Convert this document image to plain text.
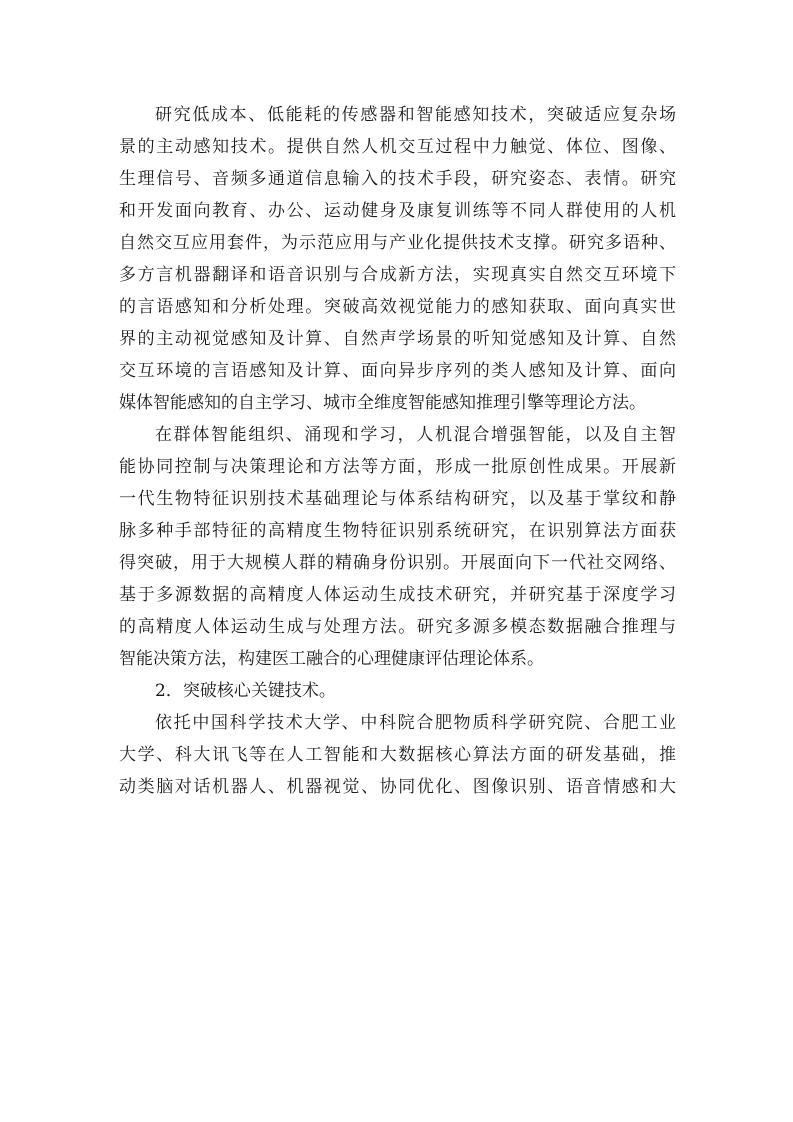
研究低成本、低能耗的传感器和智能感知技术，突破适应复杂场
景的主动感知技术。提供自然人机交互过程中力触觉、体位、图像、
生理信号、音频多通道信息输入的技术手段，研究姿态、表情。研究
和开发面向教育、办公、运动健身及康复训练等不同人群使用的人机
自然交互应用套件，为示范应用与产业化提供技术支撑。研究多语种、
多方言机器翻译和语音识别与合成新方法，实现真实自然交互环境下
的言语感知和分析处理。突破高效视觉能力的感知获取、面向真实世
界的主动视觉感知及计算、自然声学场景的听知觉感知及计算、自然
交互环境的言语感知及计算、面向异步序列的类人感知及计算、面向
媒体智能感知的自主学习、城市全维度智能感知推理引擎等理论方法。
在群体智能组织、涌现和学习，人机混合增强智能，以及自主智
能协同控制与决策理论和方法等方面，形成一批原创性成果。开展新
一代生物特征识别技术基础理论与体系结构研究，以及基于掌纹和静
脉多种手部特征的高精度生物特征识别系统研究，在识别算法方面获
得突破，用于大规模人群的精确身份识别。开展面向下一代社交网络、
基于多源数据的高精度人体运动生成技术研究，并研究基于深度学习
的高精度人体运动生成与处理方法。研究多源多模态数据融合推理与
智能决策方法，构建医工融合的心理健康评估理论体系。
2．突破核心关键技术。
依托中国科学技术大学、中科院合肥物质科学研究院、合肥工业
大学、科大讯飞等在人工智能和大数据核心算法方面的研发基础，推
动类脑对话机器人、机器视觉、协同优化、图像识别、语音情感和大
